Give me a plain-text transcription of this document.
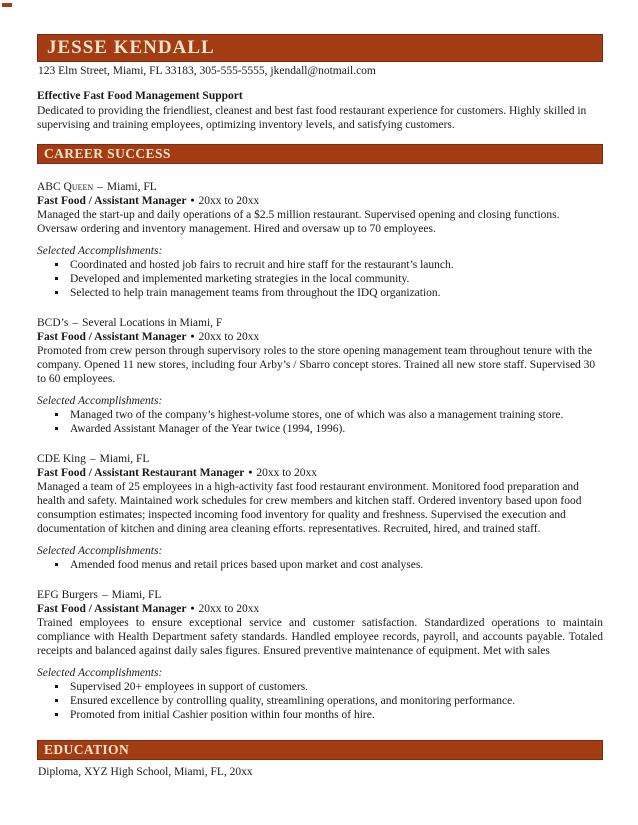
JESSE KENDALL
123 Elm Street, Miami, FL 33183, 305-555-5555, jkendall@notmail.com

Effective Fast Food Management Support

Dedicated to providing the friendliest, cleanest and best fast food restaurant experience for customers. Highly skilled in supervising and training employees, optimizing inventory levels, and satisfying customers.

CAREER SUCCESS
ABC Queen – Miami, FL
Fast Food / Assistant Manager • 20xx to 20xx

Managed the start-up and daily operations of a $2.5 million restaurant. Supervised opening and closing functions. Oversaw ordering and inventory management. Hired and oversaw up to 70 employees.

Selected Accomplishments:

▪ Coordinated and hosted job fairs to recruit and hire staff for the restaurant’s launch.
▪ Developed and implemented marketing strategies in the local community.
▪ Selected to help train management teams from throughout the IDQ organization.
BCD’s – Several Locations in Miami, F
Fast Food / Assistant Manager • 20xx to 20xx

Promoted from crew person through supervisory roles to the store opening management team throughout tenure with the company. Opened 11 new stores, including four Arby’s / Sbarro concept stores. Trained all new store staff. Supervised 30 to 60 employees.

Selected Accomplishments:

▪ Managed two of the company’s highest-volume stores, one of which was also a management training store.
▪ Awarded Assistant Manager of the Year twice (1994, 1996).
CDE King – Miami, FL
Fast Food / Assistant Restaurant Manager • 20xx to 20xx

Managed a team of 25 employees in a high-activity fast food restaurant environment. Monitored food preparation and health and safety. Maintained work schedules for crew members and kitchen staff. Ordered inventory based upon food consumption estimates; inspected incoming food inventory for quality and freshness. Supervised the execution and documentation of kitchen and dining area cleaning efforts. representatives. Recruited, hired, and trained staff.

Selected Accomplishments:

▪ Amended food menus and retail prices based upon market and cost analyses.
EFG Burgers – Miami, FL
Fast Food / Assistant Manager • 20xx to 20xx

Trained employees to ensure exceptional service and customer satisfaction. Standardized operations to maintain compliance with Health Department safety standards. Handled employee records, payroll, and accounts payable. Totaled receipts and balanced against daily sales figures. Ensured preventive maintenance of equipment. Met with sales

Selected Accomplishments:

▪ Supervised 20+ employees in support of customers.
▪ Ensured excellence by controlling quality, streamlining operations, and monitoring performance.
▪ Promoted from initial Cashier position within four months of hire.
EDUCATION

Diploma, XYZ High School, Miami, FL, 20xx
